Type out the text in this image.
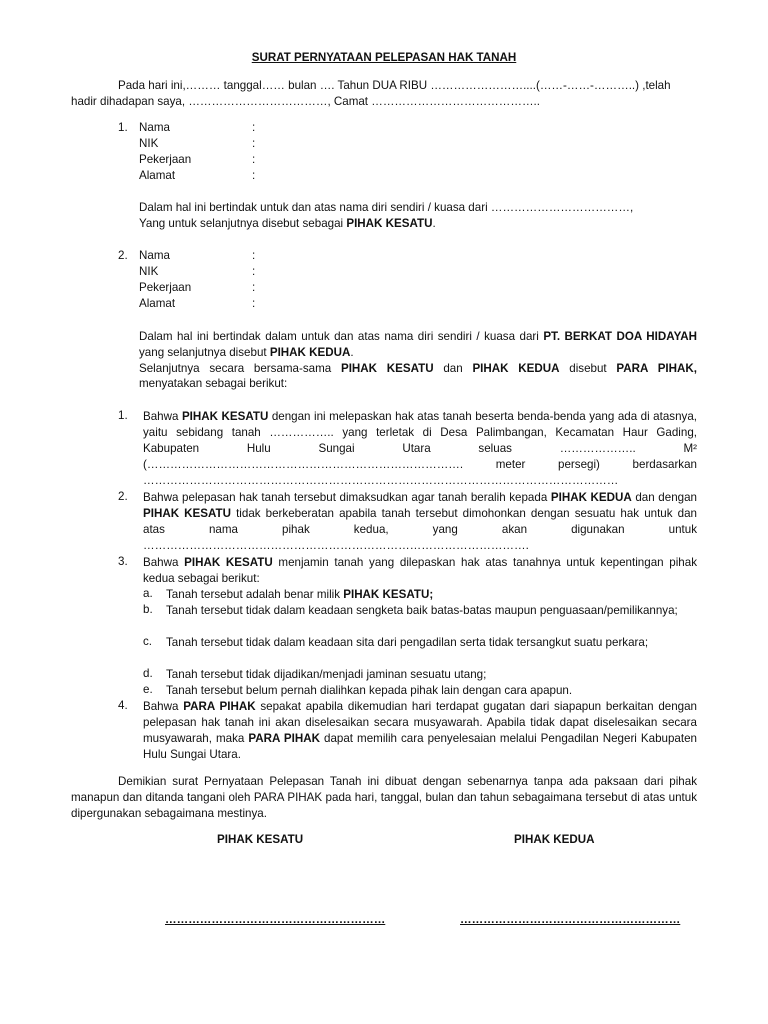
SURAT PERNYATAAN PELEPASAN HAK TANAH
Pada hari ini,……… tanggal…… bulan …. Tahun DUA RIBU ……………………....(……-……-………..) ,telah
hadir dihadapan saya, ………………………………, Camat ……………………………………..
1. Nama
NIK
Pekerjaan
Alamat
:
:
:
:
Dalam hal ini bertindak untuk dan atas nama diri sendiri / kuasa dari ………………………………,
Yang untuk selanjutnya disebut sebagai PIHAK KESATU.
2. Nama
NIK
Pekerjaan
Alamat
:
:
:
:
Dalam hal ini bertindak dalam untuk dan atas nama diri sendiri / kuasa dari PT. BERKAT DOA HIDAYAH yang selanjutnya disebut PIHAK KEDUA.
Selanjutnya secara bersama-sama PIHAK KESATU dan PIHAK KEDUA disebut PARA PIHAK,
menyatakan sebagai berikut:
1. Bahwa PIHAK KESATU dengan ini melepaskan hak atas tanah beserta benda-benda yang ada di atasnya, yaitu sebidang tanah …………….. yang terletak di Desa Palimbangan, Kecamatan Haur Gading, Kabupaten Hulu Sungai Utara seluas ……………….. M² (………………………………………………………………………. meter persegi) berdasarkan ……………………………………………………………………………………………………………
2. Bahwa pelepasan hak tanah tersebut dimaksudkan agar tanah beralih kepada PIHAK KEDUA dan dengan PIHAK KESATU tidak berkeberatan apabila tanah tersebut dimohonkan dengan sesuatu hak untuk dan atas nama pihak kedua, yang akan digunakan untuk ……………………………………………………………………………………….
3. Bahwa PIHAK KESATU menjamin tanah yang dilepaskan hak atas tanahnya untuk kepentingan pihak kedua sebagai berikut:
a. Tanah tersebut adalah benar milik PIHAK KESATU;
b. Tanah tersebut tidak dalam keadaan sengketa baik batas-batas maupun penguasaan/pemilikannya;
c. Tanah tersebut tidak dalam keadaan sita dari pengadilan serta tidak tersangkut suatu perkara;
d. Tanah tersebut tidak dijadikan/menjadi jaminan sesuatu utang;
e. Tanah tersebut belum pernah dialihkan kepada pihak lain dengan cara apapun.
4. Bahwa PARA PIHAK sepakat apabila dikemudian hari terdapat gugatan dari siapapun berkaitan dengan pelepasan hak tanah ini akan diselesaikan secara musyawarah. Apabila tidak dapat diselesaikan secara musyawarah, maka PARA PIHAK dapat memilih cara penyelesaian melalui Pengadilan Negeri Kabupaten Hulu Sungai Utara.
Demikian surat Pernyataan Pelepasan Tanah ini dibuat dengan sebenarnya tanpa ada paksaan dari pihak manapun dan ditanda tangani oleh PARA PIHAK pada hari, tanggal, bulan dan tahun sebagaimana tersebut di atas untuk dipergunakan sebagaimana mestinya.
PIHAK KESATU	PIHAK KEDUA
…………………………………………………	…………………………………………………
